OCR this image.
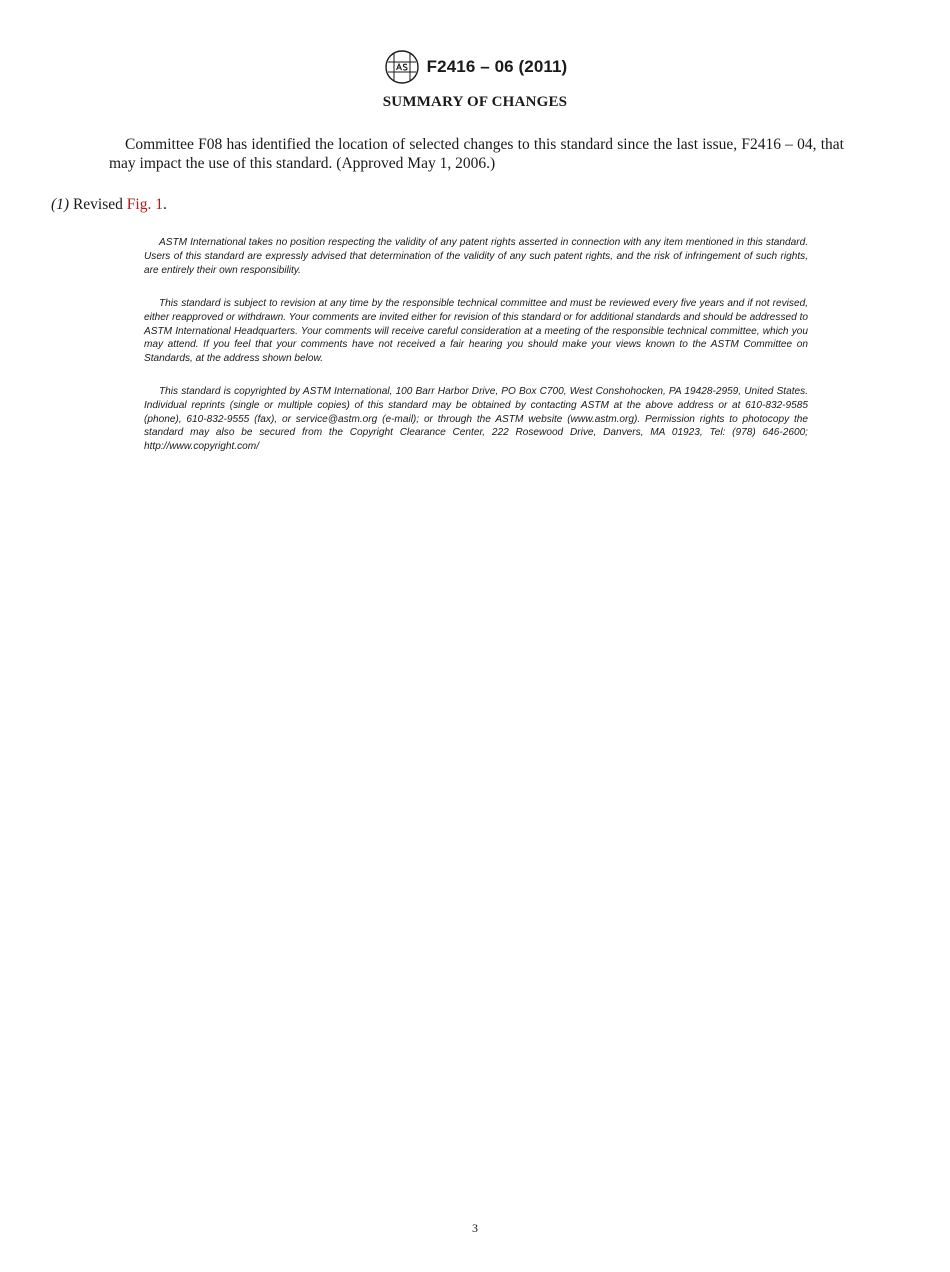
F2416 – 06 (2011)
SUMMARY OF CHANGES

Committee F08 has identified the location of selected changes to this standard since the last issue, F2416 – 04, that may impact the use of this standard. (Approved May 1, 2006.)

(1) Revised Fig. 1.

ASTM International takes no position respecting the validity of any patent rights asserted in connection with any item mentioned in this standard. Users of this standard are expressly advised that determination of the validity of any such patent rights, and the risk of infringement of such rights, are entirely their own responsibility.

This standard is subject to revision at any time by the responsible technical committee and must be reviewed every five years and if not revised, either reapproved or withdrawn. Your comments are invited either for revision of this standard or for additional standards and should be addressed to ASTM International Headquarters. Your comments will receive careful consideration at a meeting of the responsible technical committee, which you may attend. If you feel that your comments have not received a fair hearing you should make your views known to the ASTM Committee on Standards, at the address shown below.

This standard is copyrighted by ASTM International, 100 Barr Harbor Drive, PO Box C700, West Conshohocken, PA 19428-2959, United States. Individual reprints (single or multiple copies) of this standard may be obtained by contacting ASTM at the above address or at 610-832-9585 (phone), 610-832-9555 (fax), or service@astm.org (e-mail); or through the ASTM website (www.astm.org). Permission rights to photocopy the standard may also be secured from the Copyright Clearance Center, 222 Rosewood Drive, Danvers, MA 01923, Tel: (978) 646-2600; http://www.copyright.com/

3
